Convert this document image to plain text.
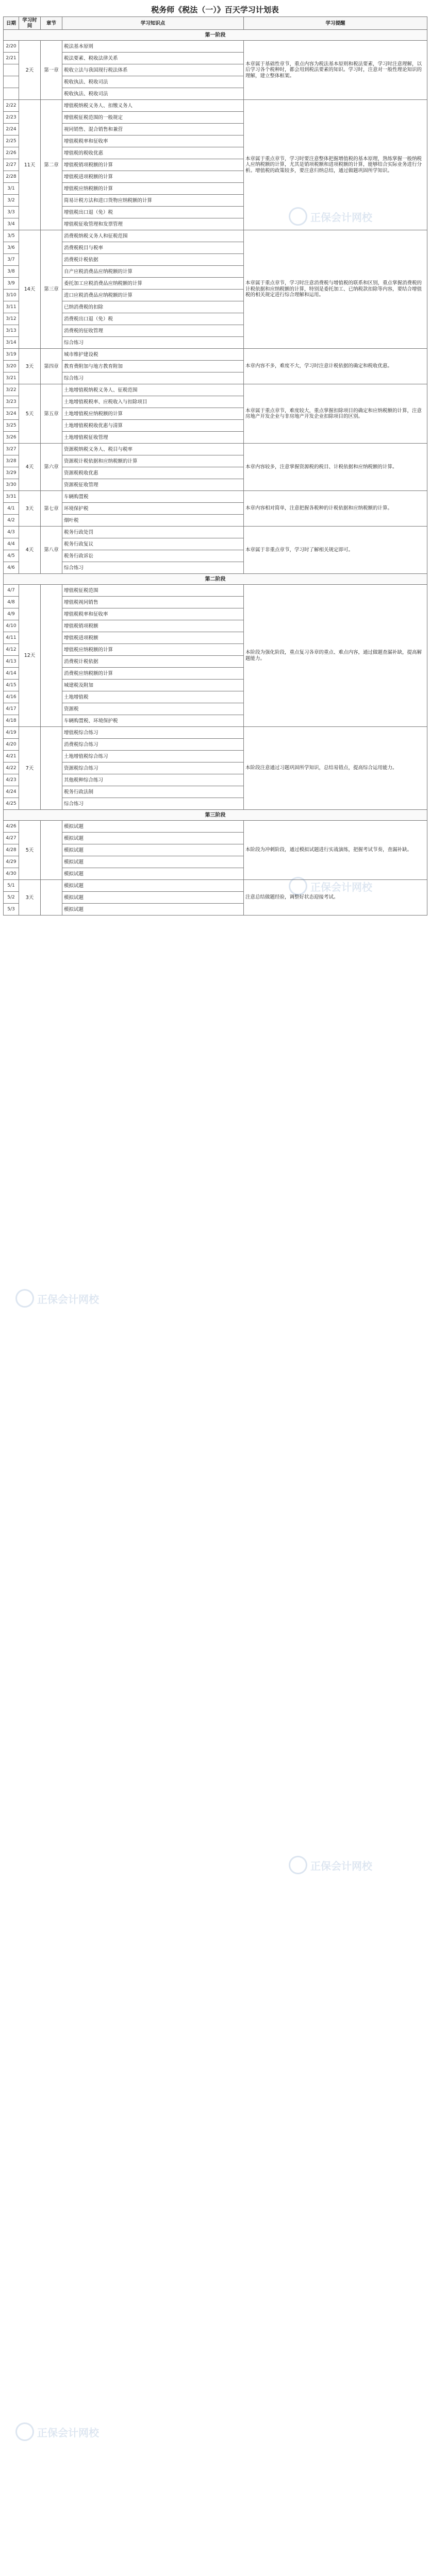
税务师《税法（一）》百天学习计划表
日期	学习时间	章节	学习知识点	学习提醒
第一阶段				
2/20	2天	第一章	税法基本原则	本章属于基础性章节，重点内容为税法基本原则和税法要素，学习时注意理解，以后学习各个税种时，都会用到税法要素的知识。学习时，注意对一般性理论知识的理解，建立整体框架。
2/21			税法要素、税收法律关系	

			税收立法与我国现行税法体系	

			税收执法、税收司法	

			税收执法、税收司法	

2/22	11天	第二章	增值税纳税义务人、扣缴义务人	本章属于重点章节，学习时要注意整体把握增值税的基本原理，熟练掌握一般纳税人应纳税额的计算，尤其是销项税额和进项税额的计算，能够结合实际业务进行分析。增值税的政策较多，要注意归纳总结，通过做题巩固所学知识。
2/23			增值税征税范围的一般规定	

2/24			视同销售、混合销售和兼营	

2/25			增值税税率和征收率	

2/26			增值税的税收优惠	

2/27			增值税销项税额的计算	

2/28			增值税进项税额的计算	

3/1			增值税应纳税额的计算	

3/2			简易计税方法和进口货物应纳税额的计算	

3/3			增值税出口退（免）税	

3/4			增值税征收管理和发票管理	

3/5	14天	第三章	消费税纳税义务人和征税范围	本章属于重点章节，学习时注意消费税与增值税的联系和区别，重点掌握消费税的计税依据和应纳税额的计算，特别是委托加工、已纳税款扣除等内容，要结合增值税的相关规定进行综合理解和运用。
3/6			消费税税目与税率	

3/7			消费税计税依据	

3/8			自产应税消费品应纳税额的计算	

3/9			委托加工应税消费品应纳税额的计算	

3/10			进口应税消费品应纳税额的计算	

3/11			已纳消费税的扣除	

3/12			消费税出口退（免）税	

3/13			消费税的征收管理	

3/14			综合练习	

3/19	3天	第四章	城市维护建设税	本章内容不多，难度不大，学习时注意计税依据的确定和税收优惠。
3/20			教育费附加与地方教育附加	

3/21			综合练习	

3/22	5天	第五章	土地增值税纳税义务人、征税范围	本章属于重点章节，难度较大，重点掌握扣除项目的确定和应纳税额的计算，注意房地产开发企业与非房地产开发企业扣除项目的区别。
3/23			土地增值税税率、应税收入与扣除项目	

3/24			土地增值税应纳税额的计算	

3/25			土地增值税税收优惠与清算	

3/26			土地增值税征收管理	

3/27	4天	第六章	资源税纳税义务人、税目与税率	本章内容较多，注意掌握资源税的税目、计税依据和应纳税额的计算。
3/28			资源税计税依据和应纳税额的计算	

3/29			资源税税收优惠	

3/30			资源税征收管理	

3/31	3天	第七章	车辆购置税	本章内容相对简单，注意把握各税种的计税依据和应纳税额的计算。
4/1			环境保护税	

4/2			烟叶税	

4/3	4天	第八章	税务行政处罚	本章属于非重点章节，学习时了解相关规定即可。
4/4			税务行政复议	

4/5			税务行政诉讼	

4/6			综合练习	

第二阶段				
4/7	12天		增值税征税范围	本阶段为强化阶段，重点复习各章的重点、难点内容，通过做题查漏补缺，提高解题能力。
4/8			增值税视同销售	

4/9			增值税税率和征收率	

4/10			增值税销项税额	

4/11			增值税进项税额	

4/12			增值税应纳税额的计算	

4/13			消费税计税依据	

4/14			消费税应纳税额的计算	

4/15			城建税及附加	

4/16			土地增值税	

4/17			资源税	

4/18			车辆购置税、环境保护税	

4/19	7天		增值税综合练习	本阶段注意通过习题巩固所学知识，总结易错点，提高综合运用能力。
4/20			消费税综合练习	

4/21			土地增值税综合练习	

4/22			资源税综合练习	

4/23			其他税种综合练习	

4/24			税务行政法制	

4/25			综合练习	

第三阶段				
4/26	5天		模拟试题	本阶段为冲刺阶段，通过模拟试题进行实战演练，把握考试节奏，查漏补缺。
4/27			模拟试题	

4/28			模拟试题	

4/29			模拟试题	

4/30			模拟试题	

5/1	3天		模拟试题	注意总结做题经验，调整好状态迎接考试。
5/2			模拟试题	

5/3			模拟试题	
